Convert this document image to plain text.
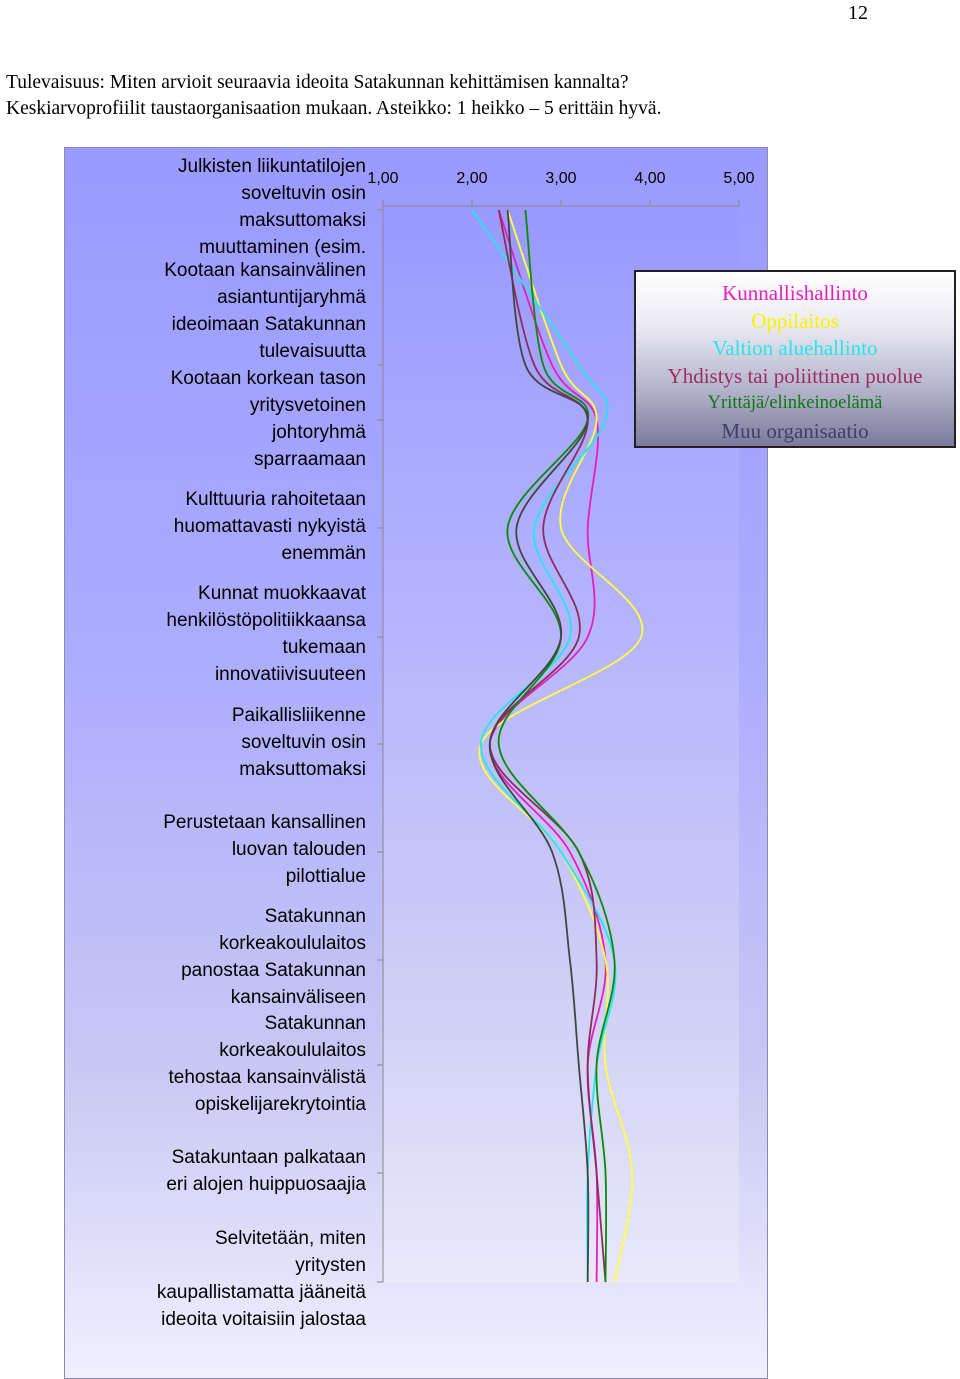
12
Tulevaisuus: Miten arvioit seuraavia ideoita Satakunnan kehittämisen kannalta?
Keskiarvoprofiilit taustaorganisaation mukaan. Asteikko: 1 heikko – 5 erittäin hyvä.
Julkisten liikuntatilojen
soveltuvin osin
maksuttomaksi
muuttaminen (esim.
Kootaan kansainvälinen
asiantuntijaryhmä
ideoimaan Satakunnan
tulevaisuutta
Kootaan korkean tason
yritysvetoinen
johtoryhmä
sparraamaan
Kulttuuria rahoitetaan
huomattavasti nykyistä
enemmän
Kunnat muokkaavat
henkilöstöpolitiikkaansa
tukemaan
innovatiivisuuteen
Paikallisliikenne
soveltuvin osin
maksuttomaksi
Perustetaan kansallinen
luovan talouden
pilottialue
Satakunnan
korkeakoululaitos
panostaa Satakunnan
kansainväliseen
Satakunnan
korkeakoululaitos
tehostaa kansainvälistä
opiskelijarekrytointia
Satakuntaan palkataan
eri alojen huippuosaajia
Selvitetään, miten
yritysten
kaupallistamatta jääneitä
ideoita voitaisiin jalostaa
1,00	2,00	3,00	4,00	5,00
Kunnallishallinto
Oppilaitos
Valtion aluehallinto
Yhdistys tai poliittinen puolue
Yrittäjä/elinkeinoelämä
Muu organisaatio
